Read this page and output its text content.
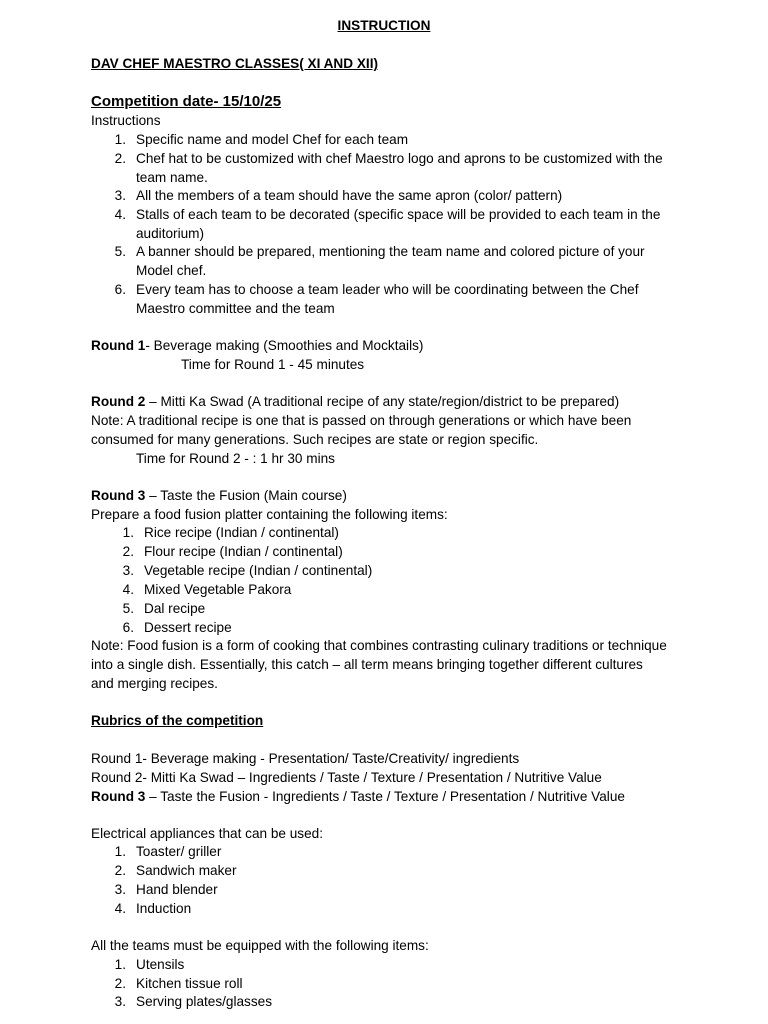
INSTRUCTION
DAV CHEF MAESTRO CLASSES( XI AND XII)
Competition date- 15/10/25
Instructions
1. Specific name and model Chef for each team
2. Chef hat to be customized with chef Maestro logo and aprons to be customized with the
team name.
3. All the members of a team should have the same apron (color/ pattern)
4. Stalls of each team to be decorated (specific space will be provided to each team in the
auditorium)
5. A banner should be prepared, mentioning the team name and colored picture of your
Model chef.
6. Every team has to choose a team leader who will be coordinating between the Chef
Maestro committee and the team
Round 1- Beverage making (Smoothies and Mocktails)
Time for Round 1 - 45 minutes
Round 2 – Mitti Ka Swad (A traditional recipe of any state/region/district to be prepared)
Note: A traditional recipe is one that is passed on through generations or which have been
consumed for many generations. Such recipes are state or region specific.
Time for Round 2 - : 1 hr 30 mins
Round 3 – Taste the Fusion (Main course)
Prepare a food fusion platter containing the following items:
1. Rice recipe (Indian / continental)
2. Flour recipe (Indian / continental)
3. Vegetable recipe (Indian / continental)
4. Mixed Vegetable Pakora
5. Dal recipe
6. Dessert recipe
Note: Food fusion is a form of cooking that combines contrasting culinary traditions or technique
into a single dish. Essentially, this catch – all term means bringing together different cultures
and merging recipes.
Rubrics of the competition
Round 1- Beverage making - Presentation/ Taste/Creativity/ ingredients
Round 2- Mitti Ka Swad – Ingredients / Taste / Texture / Presentation / Nutritive Value
Round 3 – Taste the Fusion - Ingredients / Taste / Texture / Presentation / Nutritive Value
Electrical appliances that can be used:
1. Toaster/ griller
2. Sandwich maker
3. Hand blender
4. Induction
All the teams must be equipped with the following items:
1. Utensils
2. Kitchen tissue roll
3. Serving plates/glasses
